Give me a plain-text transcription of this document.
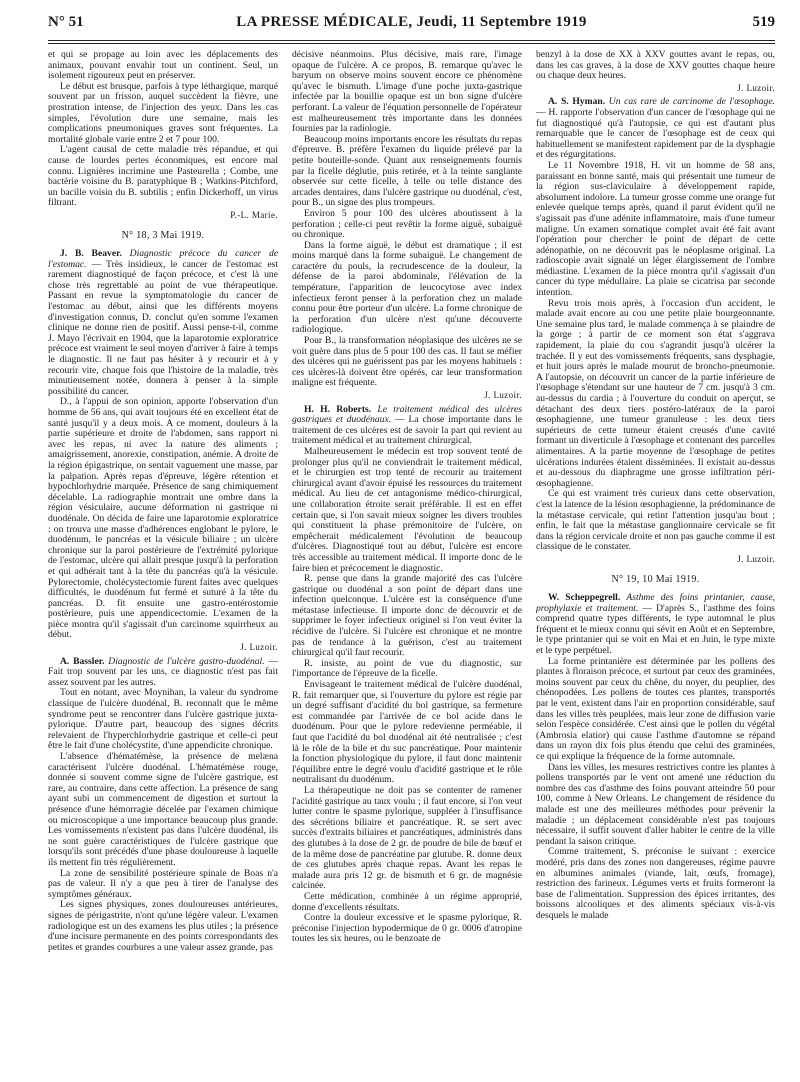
N° 51	LA PRESSE MÉDICALE, Jeudi, 11 Septembre 1919	519

et qui se propage au loin avec les déplacements des animaux, pouvant envahir tout un continent. Seul, un isolement rigoureux peut en préserver.

Le début est brusque, parfois à type léthargique, marqué souvent par un frisson, auquel succèdent la fièvre, une prostration intense, de l'injection des yeux. Dans les cas simples, l'évolution dure une semaine, mais les complications pneumoniques graves sont fréquentes. La mortalité globale varie entre 2 et 7 pour 100.

L'agent causal de cette maladie très répandue, et qui cause de lourdes pertes économiques, est encore mal connu. Lignières incrimine une Pasteurella ; Combe, une bactérie voisine du B. paratyphique B ; Watkins-Pitchford, un bacille voisin du B. subtilis ; enfin Dickerhoff, un virus filtrant.

P.-L. Marie.

N° 18, 3 Mai 1919.

J. B. Beaver. Diagnostic précoce du cancer de l'estomac. — Très insidieux, le cancer de l'estomac est rarement diagnostiqué de façon précoce, et c'est là une chose très regrettable au point de vue thérapeutique. Passant en revue la symptomatologie du cancer de l'estomac au début, ainsi que les différents moyens d'investigation connus, D. conclut qu'en somme l'examen clinique ne donne rien de positif. Aussi pense-t-il, comme J. Mayo l'écrivait en 1904, que la laparotomie exploratrice précoce est vraiment le seul moyen d'arriver à faire à temps le diagnostic. Il ne faut pas hésiter à y recourir et à y recourir vite, chaque fois que l'histoire de la maladie, très minutieusement notée, donnera à penser à la simple possibilité du cancer.

D., à l'appui de son opinion, apporte l'observation d'un homme de 56 ans, qui avait toujours été en excellent état de santé jusqu'il y a deux mois. A ce moment, douleurs à la partie supérieure et droite de l'abdomen, sans rapport ni avec les repas, ni avec la nature des aliments ; amaigrissement, anorexie, constipation, anémie. A droite de la région épigastrique, on sentait vaguement une masse, par la palpation. Après repas d'épreuve, légère rétention et hypochlorhydrie marquée. Présence de sang chimiquement décelable. La radiographie montrait une ombre dans la région vésiculaire, aucune déformation ni gastrique ni duodénale. On décida de faire une laparotomie exploratrice : on trouva une masse d'adhérences englobant le pylore, le duodénum, le pancréas et la vésicule biliaire ; un ulcère chronique sur la paroi postérieure de l'extrémité pylorique de l'estomac, ulcère qui allait presque jusqu'à la perforation et qui adhérait tant à la tête du pancréas qu'à la vésicule. Pylorectomie, cholécystectomie furent faites avec quelques difficultés, le duodénum fut fermé et suturé à la tête du pancréas. D. fit ensuite une gastro-entérostomie postérieure, puis une appendicectomie. L'examen de la pièce montra qu'il s'agissait d'un carcinome squirrheux au début.

J. Luzoir.

A. Bassler. Diagnostic de l'ulcère gastro-duodénal. — Fait trop souvent par les uns, ce diagnostic n'est pas fait assez souvent par les autres.

Tout en notant, avec Moynihan, la valeur du syndrome classique de l'ulcère duodénal, B. reconnaît que le même syndrome peut se rencontrer dans l'ulcère gastrique juxta-pylorique. D'autre part, beaucoup des signes décrits relevaient de l'hyperchlorhydrie gastrique et celle-ci peut être le fait d'une cholécystite, d'une appendicite chronique.

L'absence d'hématémèse, la présence de melæna caractérisent l'ulcère duodénal. L'hématémèse rouge, donnée si souvent comme signe de l'ulcère gastrique, est rare, au contraire, dans cette affection. La présence de sang ayant subi un commencement de digestion et surtout la présence d'une hémorragie décelée par l'examen chimique ou microscopique a une importance beaucoup plus grande. Les vomissements n'existent pas dans l'ulcère duodénal, ils ne sont guère caractéristiques de l'ulcère gastrique que lorsqu'ils sont précédés d'une phase douloureuse à laquelle ils mettent fin très régulièrement.

La zone de sensibilité postérieure spinale de Boas n'a pas de valeur. Il n'y a que peu à tirer de l'analyse des symptômes généraux.

Les signes physiques, zones douloureuses antérieures, signes de périgastrite, n'ont qu'une légère valeur. L'examen radiologique est un des examens les plus utiles ; la présence d'une incisure permanente en des points correspondants des petites et grandes courbures a une valeur assez grande, pas

décisive néanmoins. Plus décisive, mais rare, l'image opaque de l'ulcère. A ce propos, B. remarque qu'avec le baryum on observe moins souvent encore ce phénomène qu'avec le bismuth. L'image d'une poche juxta-gastrique infectée par la bouillie opaque est un bon signe d'ulcère perforant. La valeur de l'équation personnelle de l'opérateur est malheureusement très importante dans les données fournies par la radiologie.

Beaucoup moins importants encore les résultats du repas d'épreuve. B. préfère l'examen du liquide prélevé par la petite bouteille-sonde. Quant aux renseignements fournis par la ficelle déglutie, puis retirée, et à la teinte sanglante observée sur cette ficelle, à telle ou telle distance des arcades dentaires, dans l'ulcère gastrique ou duodénal, c'est, pour B., un signe des plus trompeurs.

Environ 5 pour 100 des ulcères aboutissent à la perforation ; celle-ci peut revêtir la forme aiguë, subaiguë ou chronique.

Dans la forme aiguë, le début est dramatique ; il est moins marqué dans la forme subaiguë. Le changement de caractère du pouls, la recrudescence de la douleur, la défense de la paroi abdominale, l'élévation de la température, l'apparition de leucocytose avec index infectieux feront penser à la perforation chez un malade connu pour être porteur d'un ulcère. La forme chronique de la perforation d'un ulcère n'est qu'une découverte radiologique.

Pour B., la transformation néoplasique des ulcères ne se voit guère dans plus de 5 pour 100 des cas. Il faut se méfier des ulcères qui ne guérissent pas par les moyens habituels : ces ulcères-là doivent être opérés, car leur transformation maligne est fréquente.

J. Luzoir.

H. H. Roberts. Le traitement médical des ulcères gastriques et duodénaux. — La chose importante dans le traitement de ces ulcères est de savoir la part qui revient au traitement médical et au traitement chirurgical.

Malheureusement le médecin est trop souvent tenté de prolonger plus qu'il ne conviendrait le traitement médical, et le chirurgien est trop tenté de recourir au traitement chirurgical avant d'avoir épuisé les ressources du traitement médical. Au lieu de cet antagonisme médico-chirurgical, une collaboration étroite serait préférable. Il est en effet certain que, si l'on savait mieux soigner les divers troubles qui constituent la phase prémonitoire de l'ulcère, on empêcherait médicalement l'évolution de beaucoup d'ulcères. Diagnostiqué tout au début, l'ulcère est encore très accessible au traitement médical. Il importe donc de le faire bien et précocement le diagnostic.

R. pense que dans la grande majorité des cas l'ulcère gastrique ou duodénal a son point de départ dans une infection quelconque. L'ulcère est la conséquence d'une métastase infectieuse. Il importe donc de découvrir et de supprimer le foyer infectieux originel si l'on veut éviter la récidive de l'ulcère. Si l'ulcère est chronique et ne montre pas de tendance à la guérison, c'est au traitement chirurgical qu'il faut recourir.

R. insiste, au point de vue du diagnostic, sur l'importance de l'épreuve de la ficelle.

Envisageant le traitement médical de l'ulcère duodénal, R. fait remarquer que, si l'ouverture du pylore est régie par un degré suffisant d'acidité du bol gastrique, sa fermeture est commandée par l'arrivée de ce bol acide dans le duodénum. Pour que le pylore redevienne perméable, il faut que l'acidité du bol duodénal ait été neutralisée ; c'est là le rôle de la bile et du suc pancréatique. Pour maintenir la fonction physiologique du pylore, il faut donc maintenir l'équilibre entre le degré voulu d'acidité gastrique et le rôle neutralisant du duodénum.

La thérapeutique ne doit pas se contenter de ramener l'acidité gastrique au taux voulu ; il faut encore, si l'on veut lutter contre le spasme pylorique, suppléer à l'insuffisance des sécrétions biliaire et pancréatique. R. se sert avec succès d'extraits biliaires et pancréatiques, administrés dans des glutubes à la dose de 2 gr. de poudre de bile de bœuf et de la même dose de pancréatine par glutube. R. donne deux de ces glutubes après chaque repas. Avant les repas le malade aura pris 12 gr. de bismuth et 6 gr. de magnésie calcinée.

Cette médication, combinée à un régime approprié, donne d'excellents résultats.

Contre la douleur excessive et le spasme pylorique, R. préconise l'injection hypodermique de 0 gr. 0006 d'atropine toutes les six heures, ou le benzoate de

benzyl à la dose de XX à XXV gouttes avant le repas, ou, dans les cas graves, à la dose de XXV gouttes chaque heure ou chaque deux heures.

J. Luzoir.

A. S. Hyman. Un cas rare de carcinome de l'œsophage. — H. rapporte l'observation d'un cancer de l'œsophage qui ne fut diagnostiqué qu'à l'autopsie, ce qui est d'autant plus remarquable que le cancer de l'œsophage est de ceux qui habituellement se manifestent rapidement par de la dysphagie et des régurgitations.

Le 11 Novembre 1918, H. vit un homme de 58 ans, paraissant en bonne santé, mais qui présentait une tumeur de la région sus-claviculaire à développement rapide, absolument indolore. La tumeur grosse comme une orange fut enlevée quelque temps après, quand il parut évident qu'il ne s'agissait pas d'une adénite inflammatoire, mais d'une tumeur maligne. Un examen somatique complet avait été fait avant l'opération pour chercher le point de départ de cette adénopathie, on ne découvrit pas le néoplasme original. La radioscopie avait signalé un léger élargissement de l'ombre médiastine. L'examen de la pièce montra qu'il s'agissait d'un cancer du type médullaire. La plaie se cicatrisa par seconde intention.

Revu trois mois après, à l'occasion d'un accident, le malade avait encore au cou une petite plaie bourgeonnante. Une semaine plus tard, le malade commença à se plaindre de la gorge ; à partir de ce moment son état s'aggrava rapidement, la plaie du cou s'agrandit jusqu'à ulcérer la trachée. Il y eut des vomissements fréquents, sans dysphagie, et huit jours après le malade mourut de broncho-pneumonie. A l'autopsie, on découvrit un cancer de la partie inférieure de l'œsophage s'étendant sur une hauteur de 7 cm. jusqu'à 3 cm. au-dessus du cardia ; à l'ouverture du conduit on aperçut, se détachant des deux tiers postéro-latéraux de la paroi œsophagienne, une tumeur granuleuse : les deux tiers supérieurs de cette tumeur étaient creusés d'une cavité formant un diverticule à l'œsophage et contenant des parcelles alimentaires. A la partie moyenne de l'œsophage de petites ulcérations indurées étaient disséminées. Il existait au-dessus et au-dessous du diaphragme une grosse infiltration péri-œsophagienne.

Ce qui est vraiment très curieux dans cette observation, c'est la latence de la lésion œsophagienne, la prédominance de la métastase cervicale, qui retint l'attention jusqu'au bout ; enfin, le fait que la métastase ganglionnaire cervicale se fit dans la région cervicale droite et non pas gauche comme il est classique de le constater.

J. Luzoir.

N° 19, 10 Mai 1919.

W. Scheppegrell. Asthme des foins printanier, cause, prophylaxie et traitement. — D'après S., l'asthme des foins comprend quatre types différents, le type automnal le plus fréquent et le mieux connu qui sévit en Août et en Septembre, le type printanier qui se voit en Mai et en Juin, le type mixte et le type perpétuel.

La forme printanière est déterminée par les pollens des plantes à floraison précoce, et surtout par ceux des graminées, moins souvent par ceux du chêne, du noyer, du peuplier, des chénopodées. Les pollens de toutes ces plantes, transportés par le vent, existent dans l'air en proportion considérable, sauf dans les villes très peuplées, mais leur zone de diffusion varie selon l'espèce considérée. C'est ainsi que le pollen du végétal (Ambrosia elatior) qui cause l'asthme d'automne se répand dans un rayon dix fois plus étendu que celui des graminées, ce qui explique la fréquence de la forme automnale.

Dans les villes, les mesures restrictives contre les plantes à pollens transportés par le vent ont amené une réduction du nombre des cas d'asthme des foins pouvant atteindre 50 pour 100, comme à New Orleans. Le changement de résidence du malade est une des meilleures méthodes pour prévenir la maladie ; un déplacement considérable n'est pas toujours nécessaire, il suffit souvent d'aller habiter le centre de la ville pendant la saison critique.

Comme traitement, S. préconise le suivant : exercice modéré, pris dans des zones non dangereuses, régime pauvre en albumines animales (viande, lait, œufs, fromage), restriction des farineux. Légumes verts et fruits formeront la base de l'alimentation. Suppression des épices irritantes, des boissons alcooliques et des aliments spéciaux vis-à-vis desquels le malade
